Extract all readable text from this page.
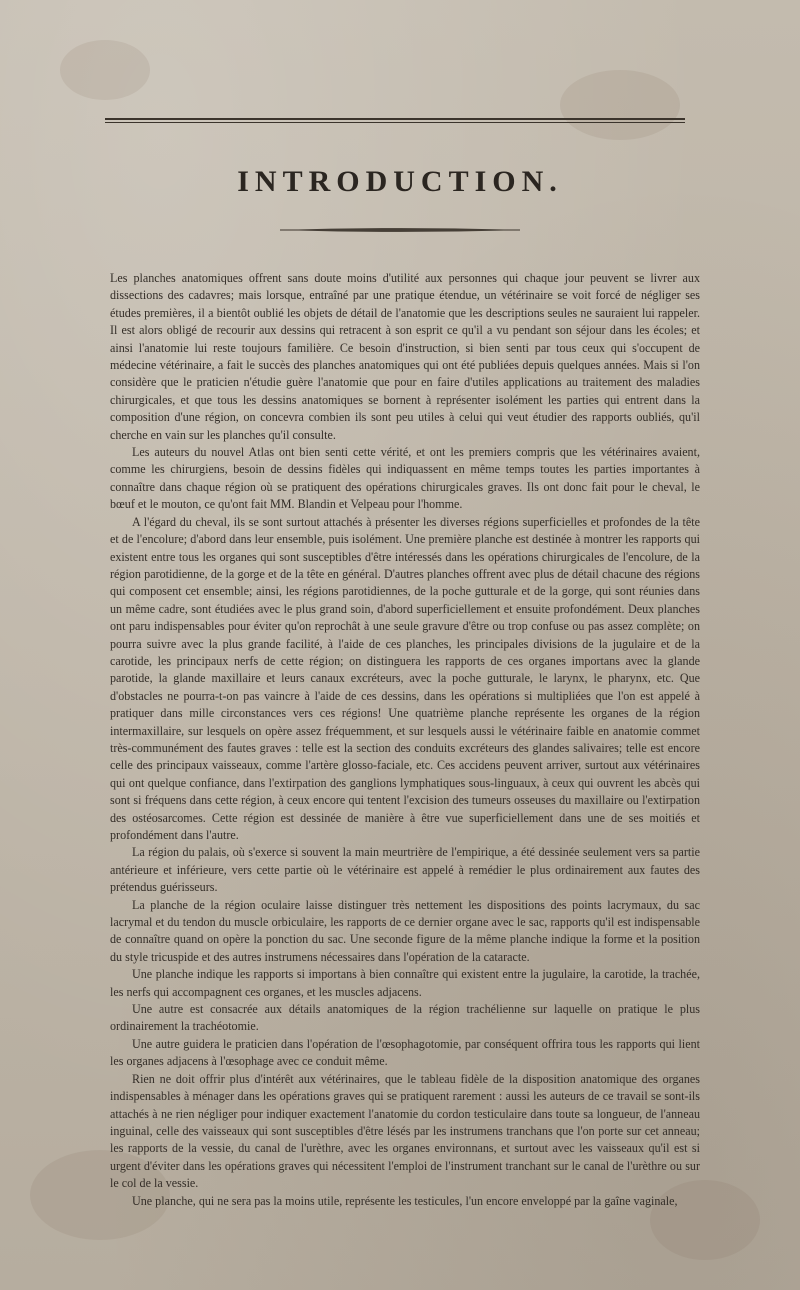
INTRODUCTION.

Les planches anatomiques offrent sans doute moins d'utilité aux personnes qui chaque jour peuvent se livrer aux dissections des cadavres; mais lorsque, entraîné par une pratique étendue, un vétérinaire se voit forcé de négliger ses études premières, il a bientôt oublié les objets de détail de l'anatomie que les descriptions seules ne sauraient lui rappeler. Il est alors obligé de recourir aux dessins qui retracent à son esprit ce qu'il a vu pendant son séjour dans les écoles; et ainsi l'anatomie lui reste toujours familière. Ce besoin d'instruction, si bien senti par tous ceux qui s'occupent de médecine vétérinaire, a fait le succès des planches anatomiques qui ont été publiées depuis quelques années. Mais si l'on considère que le praticien n'étudie guère l'anatomie que pour en faire d'utiles applications au traitement des maladies chirurgicales, et que tous les dessins anatomiques se bornent à représenter isolément les parties qui entrent dans la composition d'une région, on concevra combien ils sont peu utiles à celui qui veut étudier des rapports oubliés, qu'il cherche en vain sur les planches qu'il consulte.

Les auteurs du nouvel Atlas ont bien senti cette vérité, et ont les premiers compris que les vétérinaires avaient, comme les chirurgiens, besoin de dessins fidèles qui indiquassent en même temps toutes les parties importantes à connaître dans chaque région où se pratiquent des opérations chirurgicales graves. Ils ont donc fait pour le cheval, le bœuf et le mouton, ce qu'ont fait MM. Blandin et Velpeau pour l'homme.

A l'égard du cheval, ils se sont surtout attachés à présenter les diverses régions superficielles et profondes de la tête et de l'encolure; d'abord dans leur ensemble, puis isolément. Une première planche est destinée à montrer les rapports qui existent entre tous les organes qui sont susceptibles d'être intéressés dans les opérations chirurgicales de l'encolure, de la région parotidienne, de la gorge et de la tête en général. D'autres planches offrent avec plus de détail chacune des régions qui composent cet ensemble; ainsi, les régions parotidiennes, de la poche gutturale et de la gorge, qui sont réunies dans un même cadre, sont étudiées avec le plus grand soin, d'abord superficiellement et ensuite profondément. Deux planches ont paru indispensables pour éviter qu'on reprochât à une seule gravure d'être ou trop confuse ou pas assez complète; on pourra suivre avec la plus grande facilité, à l'aide de ces planches, les principales divisions de la jugulaire et de la carotide, les principaux nerfs de cette région; on distinguera les rapports de ces organes importans avec la glande parotide, la glande maxillaire et leurs canaux excréteurs, avec la poche gutturale, le larynx, le pharynx, etc. Que d'obstacles ne pourra-t-on pas vaincre à l'aide de ces dessins, dans les opérations si multipliées que l'on est appelé à pratiquer dans mille circonstances vers ces régions! Une quatrième planche représente les organes de la région intermaxillaire, sur lesquels on opère assez fréquemment, et sur lesquels aussi le vétérinaire faible en anatomie commet très-communément des fautes graves : telle est la section des conduits excréteurs des glandes salivaires; telle est encore celle des principaux vaisseaux, comme l'artère glosso-faciale, etc. Ces accidens peuvent arriver, surtout aux vétérinaires qui ont quelque confiance, dans l'extirpation des ganglions lymphatiques sous-linguaux, à ceux qui ouvrent les abcès qui sont si fréquens dans cette région, à ceux encore qui tentent l'excision des tumeurs osseuses du maxillaire ou l'extirpation des ostéosarcomes. Cette région est dessinée de manière à être vue superficiellement dans une de ses moitiés et profondément dans l'autre.

La région du palais, où s'exerce si souvent la main meurtrière de l'empirique, a été dessinée seulement vers sa partie antérieure et inférieure, vers cette partie où le vétérinaire est appelé à remédier le plus ordinairement aux fautes des prétendus guérisseurs.

La planche de la région oculaire laisse distinguer très nettement les dispositions des points lacrymaux, du sac lacrymal et du tendon du muscle orbiculaire, les rapports de ce dernier organe avec le sac, rapports qu'il est indispensable de connaître quand on opère la ponction du sac. Une seconde figure de la même planche indique la forme et la position du style tricuspide et des autres instrumens nécessaires dans l'opération de la cataracte.

Une planche indique les rapports si importans à bien connaître qui existent entre la jugulaire, la carotide, la trachée, les nerfs qui accompagnent ces organes, et les muscles adjacens.

Une autre est consacrée aux détails anatomiques de la région trachélienne sur laquelle on pratique le plus ordinairement la trachéotomie.

Une autre guidera le praticien dans l'opération de l'œsophagotomie, par conséquent offrira tous les rapports qui lient les organes adjacens à l'œsophage avec ce conduit même.

Rien ne doit offrir plus d'intérêt aux vétérinaires, que le tableau fidèle de la disposition anatomique des organes indispensables à ménager dans les opérations graves qui se pratiquent rarement : aussi les auteurs de ce travail se sont-ils attachés à ne rien négliger pour indiquer exactement l'anatomie du cordon testiculaire dans toute sa longueur, de l'anneau inguinal, celle des vaisseaux qui sont susceptibles d'être lésés par les instrumens tranchans que l'on porte sur cet anneau; les rapports de la vessie, du canal de l'urèthre, avec les organes environnans, et surtout avec les vaisseaux qu'il est si urgent d'éviter dans les opérations graves qui nécessitent l'emploi de l'instrument tranchant sur le canal de l'urèthre ou sur le col de la vessie.

Une planche, qui ne sera pas la moins utile, représente les testicules, l'un encore enveloppé par la gaîne vaginale,
